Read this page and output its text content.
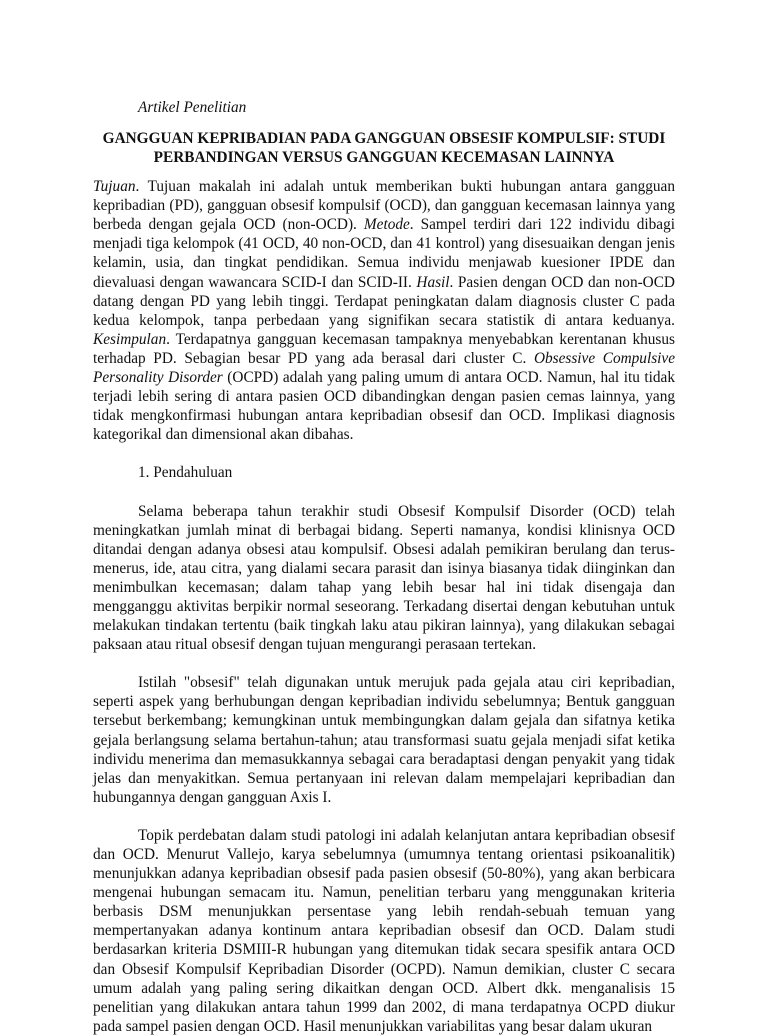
Artikel Penelitian
GANGGUAN KEPRIBADIAN PADA GANGGUAN OBSESIF KOMPULSIF: STUDI
PERBANDINGAN VERSUS GANGGUAN KECEMASAN LAINNYA

Tujuan. Tujuan makalah ini adalah untuk memberikan bukti hubungan antara gangguan kepribadian (PD), gangguan obsesif kompulsif (OCD), dan gangguan kecemasan lainnya yang berbeda dengan gejala OCD (non-OCD). Metode. Sampel terdiri dari 122 individu dibagi menjadi tiga kelompok (41 OCD, 40 non-OCD, dan 41 kontrol) yang disesuaikan dengan jenis kelamin, usia, dan tingkat pendidikan. Semua individu menjawab kuesioner IPDE dan dievaluasi dengan wawancara SCID-I dan SCID-II. Hasil. Pasien dengan OCD dan non-OCD datang dengan PD yang lebih tinggi. Terdapat peningkatan dalam diagnosis cluster C pada kedua kelompok, tanpa perbedaan yang signifikan secara statistik di antara keduanya. Kesimpulan. Terdapatnya gangguan kecemasan tampaknya menyebabkan kerentanan khusus terhadap PD. Sebagian besar PD yang ada berasal dari cluster C. Obsessive Compulsive Personality Disorder (OCPD) adalah yang paling umum di antara OCD. Namun, hal itu tidak terjadi lebih sering di antara pasien OCD dibandingkan dengan pasien cemas lainnya, yang tidak mengkonfirmasi hubungan antara kepribadian obsesif dan OCD. Implikasi diagnosis kategorikal dan dimensional akan dibahas.

1. Pendahuluan

Selama beberapa tahun terakhir studi Obsesif Kompulsif Disorder (OCD) telah meningkatkan jumlah minat di berbagai bidang. Seperti namanya, kondisi klinisnya OCD ditandai dengan adanya obsesi atau kompulsif. Obsesi adalah pemikiran berulang dan terus-menerus, ide, atau citra, yang dialami secara parasit dan isinya biasanya tidak diinginkan dan menimbulkan kecemasan; dalam tahap yang lebih besar hal ini tidak disengaja dan mengganggu aktivitas berpikir normal seseorang. Terkadang disertai dengan kebutuhan untuk melakukan tindakan tertentu (baik tingkah laku atau pikiran lainnya), yang dilakukan sebagai paksaan atau ritual obsesif dengan tujuan mengurangi perasaan tertekan.

Istilah "obsesif" telah digunakan untuk merujuk pada gejala atau ciri kepribadian, seperti aspek yang berhubungan dengan kepribadian individu sebelumnya; Bentuk gangguan tersebut berkembang; kemungkinan untuk membingungkan dalam gejala dan sifatnya ketika gejala berlangsung selama bertahun-tahun; atau transformasi suatu gejala menjadi sifat ketika individu menerima dan memasukkannya sebagai cara beradaptasi dengan penyakit yang tidak jelas dan menyakitkan. Semua pertanyaan ini relevan dalam mempelajari kepribadian dan hubungannya dengan gangguan Axis I.

Topik perdebatan dalam studi patologi ini adalah kelanjutan antara kepribadian obsesif dan OCD. Menurut Vallejo, karya sebelumnya (umumnya tentang orientasi psikoanalitik) menunjukkan adanya kepribadian obsesif pada pasien obsesif (50-80%), yang akan berbicara mengenai hubungan semacam itu. Namun, penelitian terbaru yang menggunakan kriteria berbasis DSM menunjukkan persentase yang lebih rendah-sebuah temuan yang mempertanyakan adanya kontinum antara kepribadian obsesif dan OCD. Dalam studi berdasarkan kriteria DSMIII-R hubungan yang ditemukan tidak secara spesifik antara OCD dan Obsesif Kompulsif Kepribadian Disorder (OCPD). Namun demikian, cluster C secara umum adalah yang paling sering dikaitkan dengan OCD. Albert dkk. menganalisis 15 penelitian yang dilakukan antara tahun 1999 dan 2002, di mana terdapatnya OCPD diukur pada sampel pasien dengan OCD. Hasil menunjukkan variabilitas yang besar dalam ukuran
